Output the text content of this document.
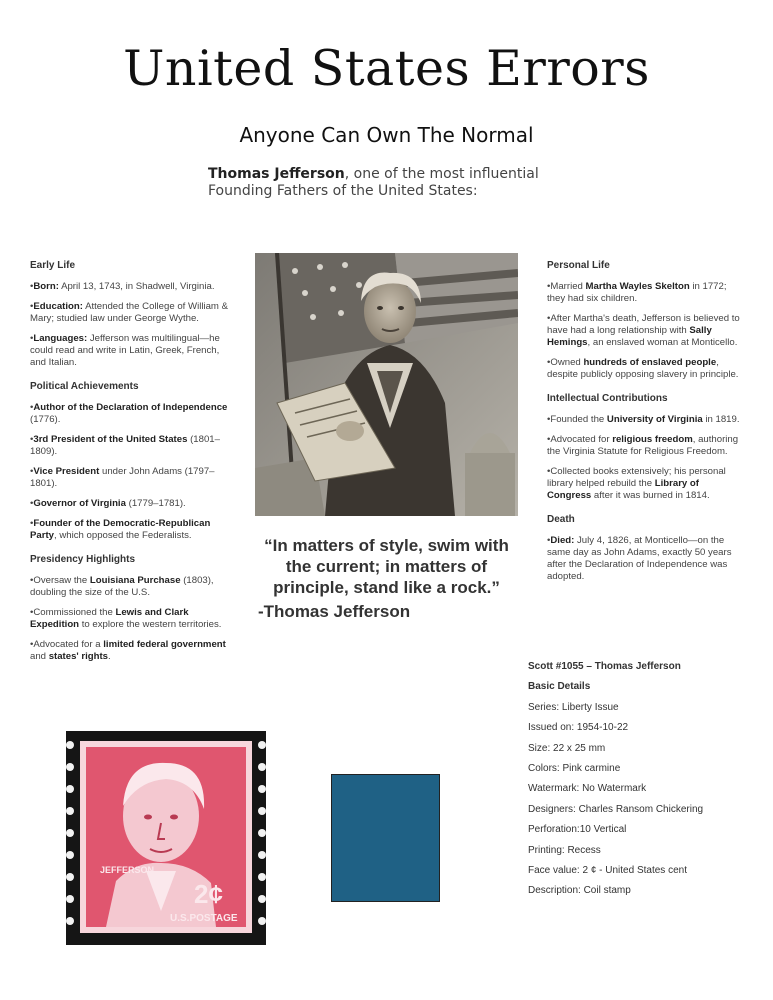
United States Errors
Anyone Can Own The Normal
Thomas Jefferson, one of the most influential
Founding Fathers of the United States:
Early Life

•Born: April 13, 1743, in Shadwell, Virginia.

•Education: Attended the College of William & Mary; studied law under George Wythe.

•Languages: Jefferson was multilingual—he could read and write in Latin, Greek, French, and Italian.

Political Achievements

•Author of the Declaration of Independence (1776).

•3rd President of the United States (1801–1809).

•Vice President under John Adams (1797–1801).

•Governor of Virginia (1779–1781).

•Founder of the Democratic-Republican Party, which opposed the Federalists.

Presidency Highlights

•Oversaw the Louisiana Purchase (1803), doubling the size of the U.S.

•Commissioned the Lewis and Clark Expedition to explore the western territories.

•Advocated for a limited federal government and states' rights.

“In matters of style, swim with the current; in matters of principle, stand like a rock.”
-Thomas Jefferson
Personal Life

•Married Martha Wayles Skelton in 1772; they had six children.

•After Martha's death, Jefferson is believed to have had a long relationship with Sally Hemings, an enslaved woman at Monticello.

•Owned hundreds of enslaved people, despite publicly opposing slavery in principle.

Intellectual Contributions

•Founded the University of Virginia in 1819.

•Advocated for religious freedom, authoring the Virginia Statute for Religious Freedom.

•Collected books extensively; his personal library helped rebuild the Library of Congress after it was burned in 1814.

Death

•Died: July 4, 1826, at Monticello—on the same day as John Adams, exactly 50 years after the Declaration of Independence was adopted.

Scott #1055 – Thomas Jefferson
Basic Details
Series: Liberty Issue
Issued on: 1954-10-22
Size: 22 x 25 mm
Colors: Pink carmine
Watermark: No Watermark
Designers: Charles Ransom Chickering
Perforation:10 Vertical
Printing: Recess
Face value: 2 ¢ - United States cent
Description: Coil stamp
JEFFERSON
2¢
U.S.POSTAGE
